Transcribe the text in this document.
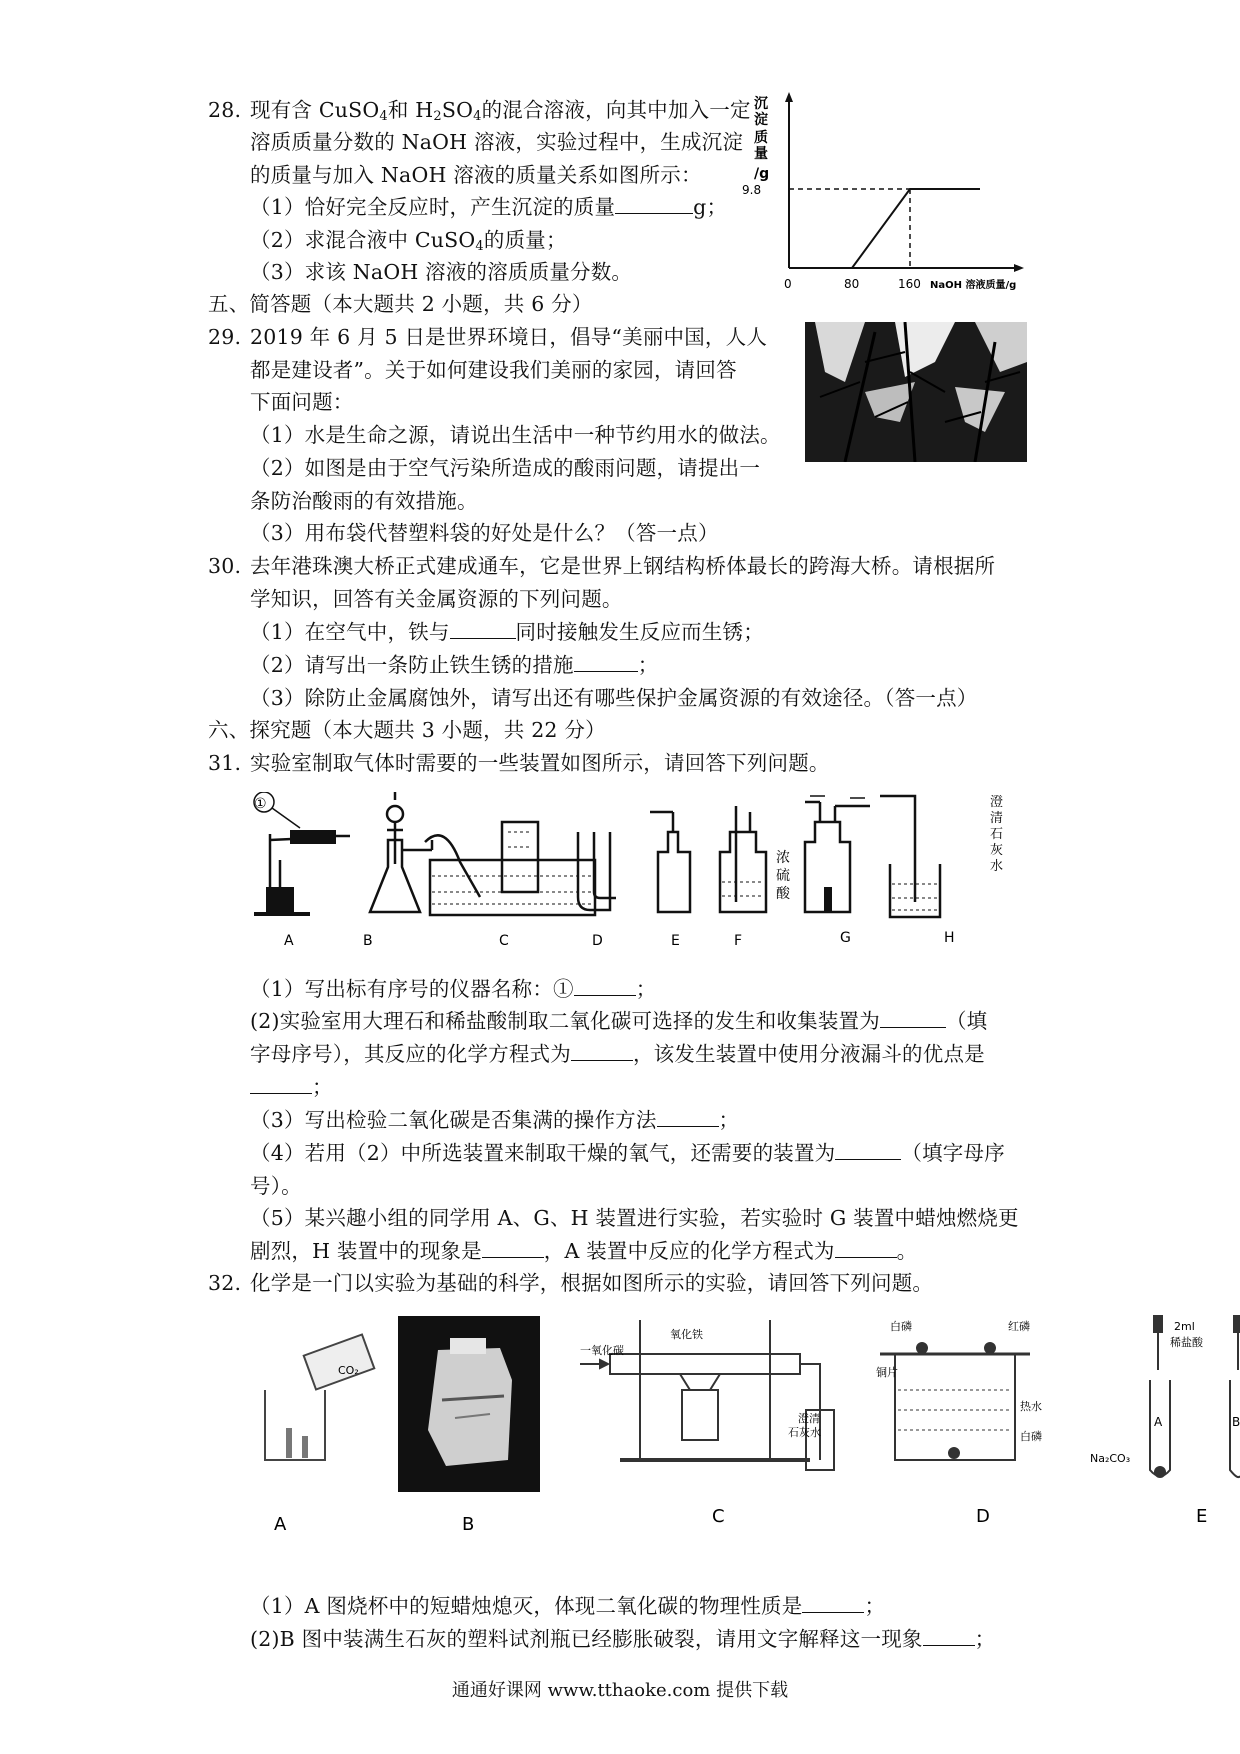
28. 现有含 CuSO$_4$和 $H_2SO_4$的混合溶液，向其中加入一定
溶质质量分数的 NaOH 溶液，实验过程中，生成沉淀
的质量与加入 NaOH 溶液的质量关系如图所示：
（1）恰好完全反应时，产生沉淀的质量	g；
（2）求混合液中 CuSO$_4$的质量；
（3）求该 NaOH 溶液的溶质质量分数。
沉
淀
质
量
/g
9.8
0	80	160 NaOH 溶液质量/g
五、简答题（本大题共 2 小题，共 6 分）
29. 2019 年 6 月 5 日是世界环境日，倡导“美丽中国，人人
都是建设者”。关于如何建设我们美丽的家园，请回答
下面问题：
（1）水是生命之源，请说出生活中一种节约用水的做法。
（2）如图是由于空气污染所造成的酸雨问题，请提出一
条防治酸雨的有效措施。
（3）用布袋代替塑料袋的好处是什么？（答一点）
30. 去年港珠澳大桥正式建成通车，它是世界上钢结构桥体最长的跨海大桥。请根据所
学知识，回答有关金属资源的下列问题。
（1）在空气中，铁与	同时接触发生反应而生锈；
（2）请写出一条防止铁生锈的措施	；
（3）除防止金属腐蚀外，请写出还有哪些保护金属资源的有效途径。（答一点）
六、探究题（本大题共 3 小题，共 22 分）
31. 实验室制取气体时需要的一些装置如图所示，请回答下列问题。
①
浓
硫
酸
澄
清
石
灰
水
A	B	C	D	E	F	G	H
（1）写出标有序号的仪器名称：①	；
(2)实验室用大理石和稀盐酸制取二氧化碳可选择的发生和收集装置为	（填
字母序号），其反应的化学方程式为	，该发生装置中使用分液漏斗的优点是
；
（3）写出检验二氧化碳是否集满的操作方法	；
（4）若用（2）中所选装置来制取干燥的氧气，还需要的装置为	（填字母序
号）。
（5）某兴趣小组的同学用 A、G、H 装置进行实验，若实验时 G 装置中蜡烛燃烧更
剧烈，H 装置中的现象是	，A 装置中反应的化学方程式为	。
32. 化学是一门以实验为基础的科学，根据如图所示的实验，请回答下列问题。
CO₂
一氧化碳
氧化铁
澄清
石灰水
白磷	红磷
铜片
热水
白磷
2ml
稀盐酸
A	B
Na₂CO₃
A	B	C	D	E
（1）A 图烧杯中的短蜡烛熄灭，体现二氧化碳的物理性质是	；
(2)B 图中装满生石灰的塑料试剂瓶已经膨胀破裂，请用文字解释这一现象	；
通通好课网 www.tthaoke.com 提供下载
